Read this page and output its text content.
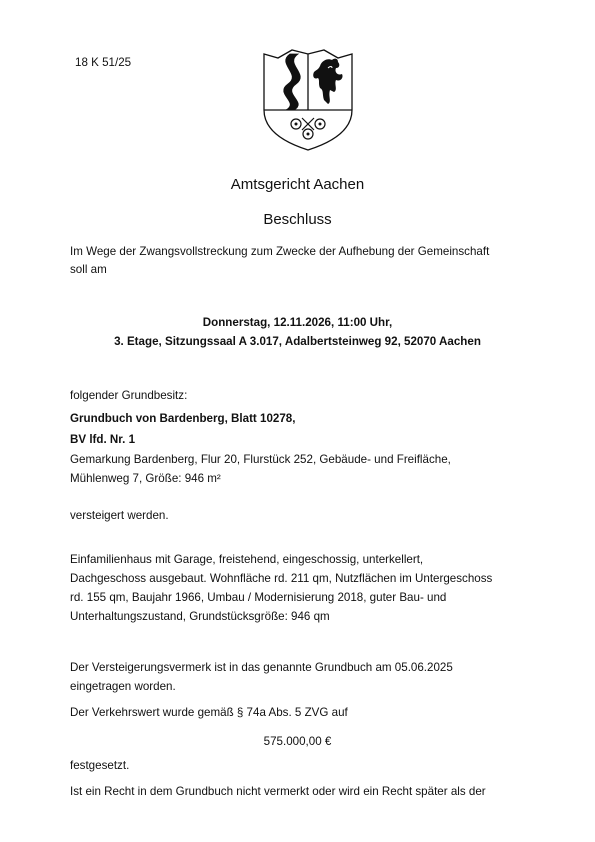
18 K 51/25
Amtsgericht Aachen
Beschluss
Im Wege der Zwangsvollstreckung zum Zwecke der Aufhebung der Gemeinschaft
soll am
Donnerstag, 12.11.2026, 11:00 Uhr,
3. Etage, Sitzungssaal A 3.017, Adalbertsteinweg 92, 52070 Aachen
folgender Grundbesitz:
Grundbuch von Bardenberg, Blatt 10278,
BV lfd. Nr. 1
Gemarkung Bardenberg, Flur 20, Flurstück 252, Gebäude- und Freifläche,
Mühlenweg 7, Größe: 946 m²
versteigert werden.
Einfamilienhaus mit Garage, freistehend, eingeschossig, unterkellert,
Dachgeschoss ausgebaut. Wohnfläche rd. 211 qm, Nutzflächen im Untergeschoss
rd. 155 qm, Baujahr 1966, Umbau / Modernisierung 2018, guter Bau- und
Unterhaltungszustand, Grundstücksgröße: 946 qm
Der Versteigerungsvermerk ist in das genannte Grundbuch am 05.06.2025
eingetragen worden.
Der Verkehrswert wurde gemäß § 74a Abs. 5 ZVG auf
575.000,00 €
festgesetzt.
Ist ein Recht in dem Grundbuch nicht vermerkt oder wird ein Recht später als der
